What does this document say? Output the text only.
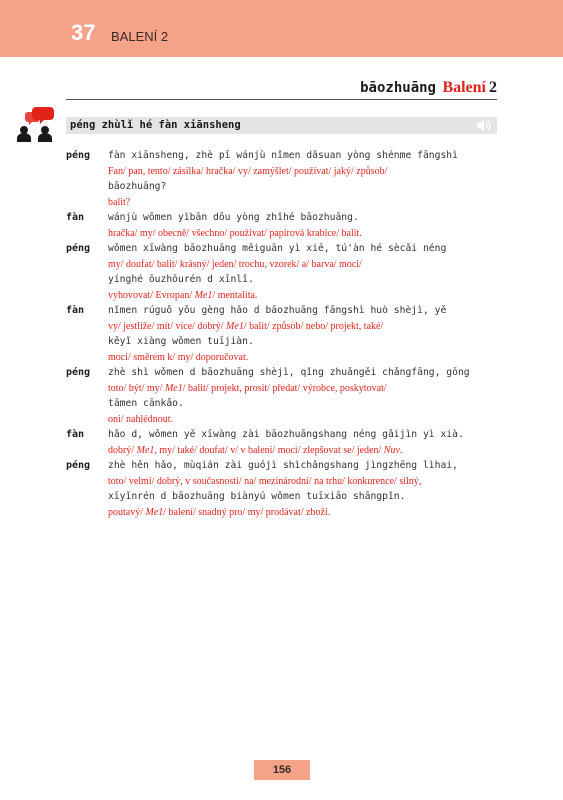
37 BALENÍ 2
bāozhuāng Balení 2
péng zhùlǐ hé fàn xiānsheng
péng fàn xiānsheng, zhè pī wánjù nǐmen dǎsuan yòng shénme fāngshì
Fan/ pan, tento/ zásilka/ hračka/ vy/ zamýšlet/ používat/ jaký/ způsob/
bāozhuāng?
balit?
fàn wánjù wǒmen yìbān dōu yòng zhǐhé bāozhuāng.
hračka/ my/ obecně/ všechno/ používat/ papírová krabice/ balit.
péng wǒmen xīwàng bāozhuāng měiguān yì xiē, tú'àn hé sècǎi néng
my/ doufat/ balit/ krásný/ jeden/ trochu, vzorek/ a/ barva/ moci/
yínghé ōuzhōurén d xīnlǐ.
vyhovovat/ Evropan/ Me1/ mentalita.
fàn nǐmen rúguǒ yǒu gèng hǎo d bāozhuāng fāngshì huò shèjì, yě
vy/ jestliže/ mít/ více/ dobrý/ Me1/ balit/ způsob/ nebo/ projekt, také/
kěyǐ xiàng wǒmen tuījiàn.
moci/ směrem k/ my/ doporučovat.
péng zhè shì wǒmen d bāozhuāng shèjì, qǐng zhuǎngěi chǎngfāng, gōng
toto/ být/ my/ Me1/ balit/ projekt, prosit/ předat/ výrobce, poskytovat/
tāmen cānkǎo.
oni/ nahlédnout.
fàn hǎo d, wǒmen yě xīwàng zài bāozhuāngshang néng gǎijìn yì xià.
dobrý/ Me1, my/ také/ doufat/ v/ v balení/ moci/ zlepšovat se/ jeden/ Nuv.
péng zhè hěn hǎo, mùqián zài guójì shìchǎngshang jìngzhēng lìhai,
toto/ velmi/ dobrý, v současnosti/ na/ mezinárodní/ na trhu/ konkurence/ silný,
xīyǐnrén d bāozhuāng biànyú wǒmen tuīxiāo shāngpǐn.
poutavý/ Me1/ balení/ snadný pro/ my/ prodávat/ zboží.
156
